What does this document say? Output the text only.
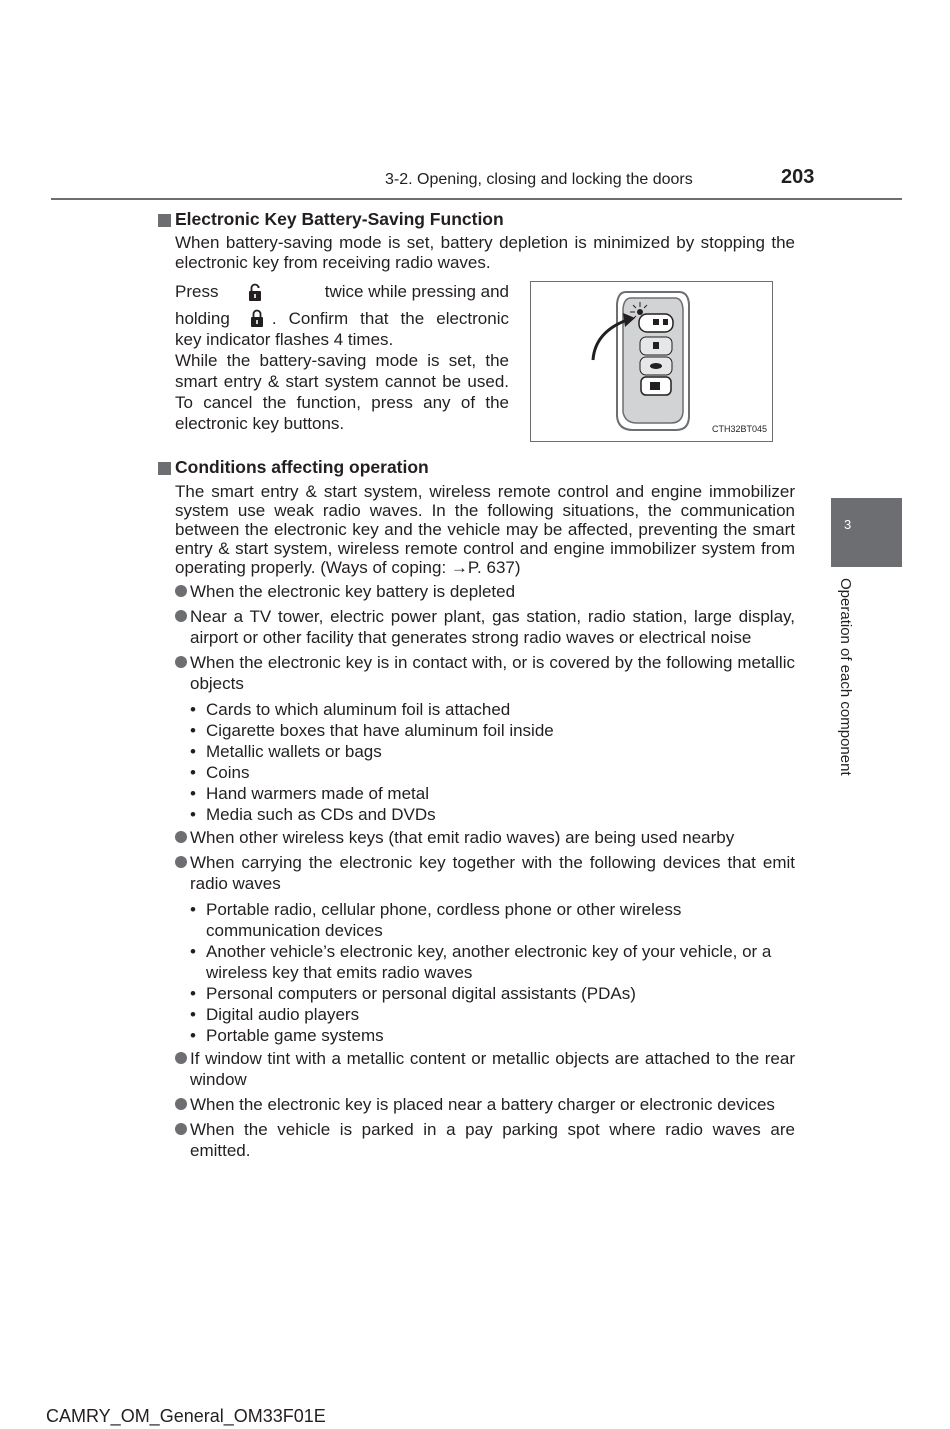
3-2. Opening, closing and locking the doors	203
3
Operation of each component
Electronic Key Battery-Saving Function
When battery-saving mode is set, battery depletion is minimized by stopping the electronic key from receiving radio waves.
Press	twice while pressing and
holding . Confirm that the electronic key indicator flashes 4 times.
While the battery-saving mode is set, the smart entry & start system cannot be used. To cancel the function, press any of the electronic key buttons.	CTH32BT045
Conditions affecting operation
The smart entry & start system, wireless remote control and engine immobilizer system use weak radio waves. In the following situations, the communication between the electronic key and the vehicle may be affected, preventing the smart entry & start system, wireless remote control and engine immobilizer system from operating properly. (Ways of coping: →P. 637)
When the electronic key battery is depleted
Near a TV tower, electric power plant, gas station, radio station, large display, airport or other facility that generates strong radio waves or electrical noise
When the electronic key is in contact with, or is covered by the following metallic objects
• Cards to which aluminum foil is attached
• Cigarette boxes that have aluminum foil inside
• Metallic wallets or bags
• Coins
• Hand warmers made of metal
• Media such as CDs and DVDs
When other wireless keys (that emit radio waves) are being used nearby
When carrying the electronic key together with the following devices that emit radio waves
• Portable radio, cellular phone, cordless phone or other wireless communication devices
• Another vehicle’s electronic key, another electronic key of your vehicle, or a wireless key that emits radio waves
• Personal computers or personal digital assistants (PDAs)
• Digital audio players
• Portable game systems
If window tint with a metallic content or metallic objects are attached to the rear window
When the electronic key is placed near a battery charger or electronic devices
When the vehicle is parked in a pay parking spot where radio waves are emitted.
CAMRY_OM_General_OM33F01E
